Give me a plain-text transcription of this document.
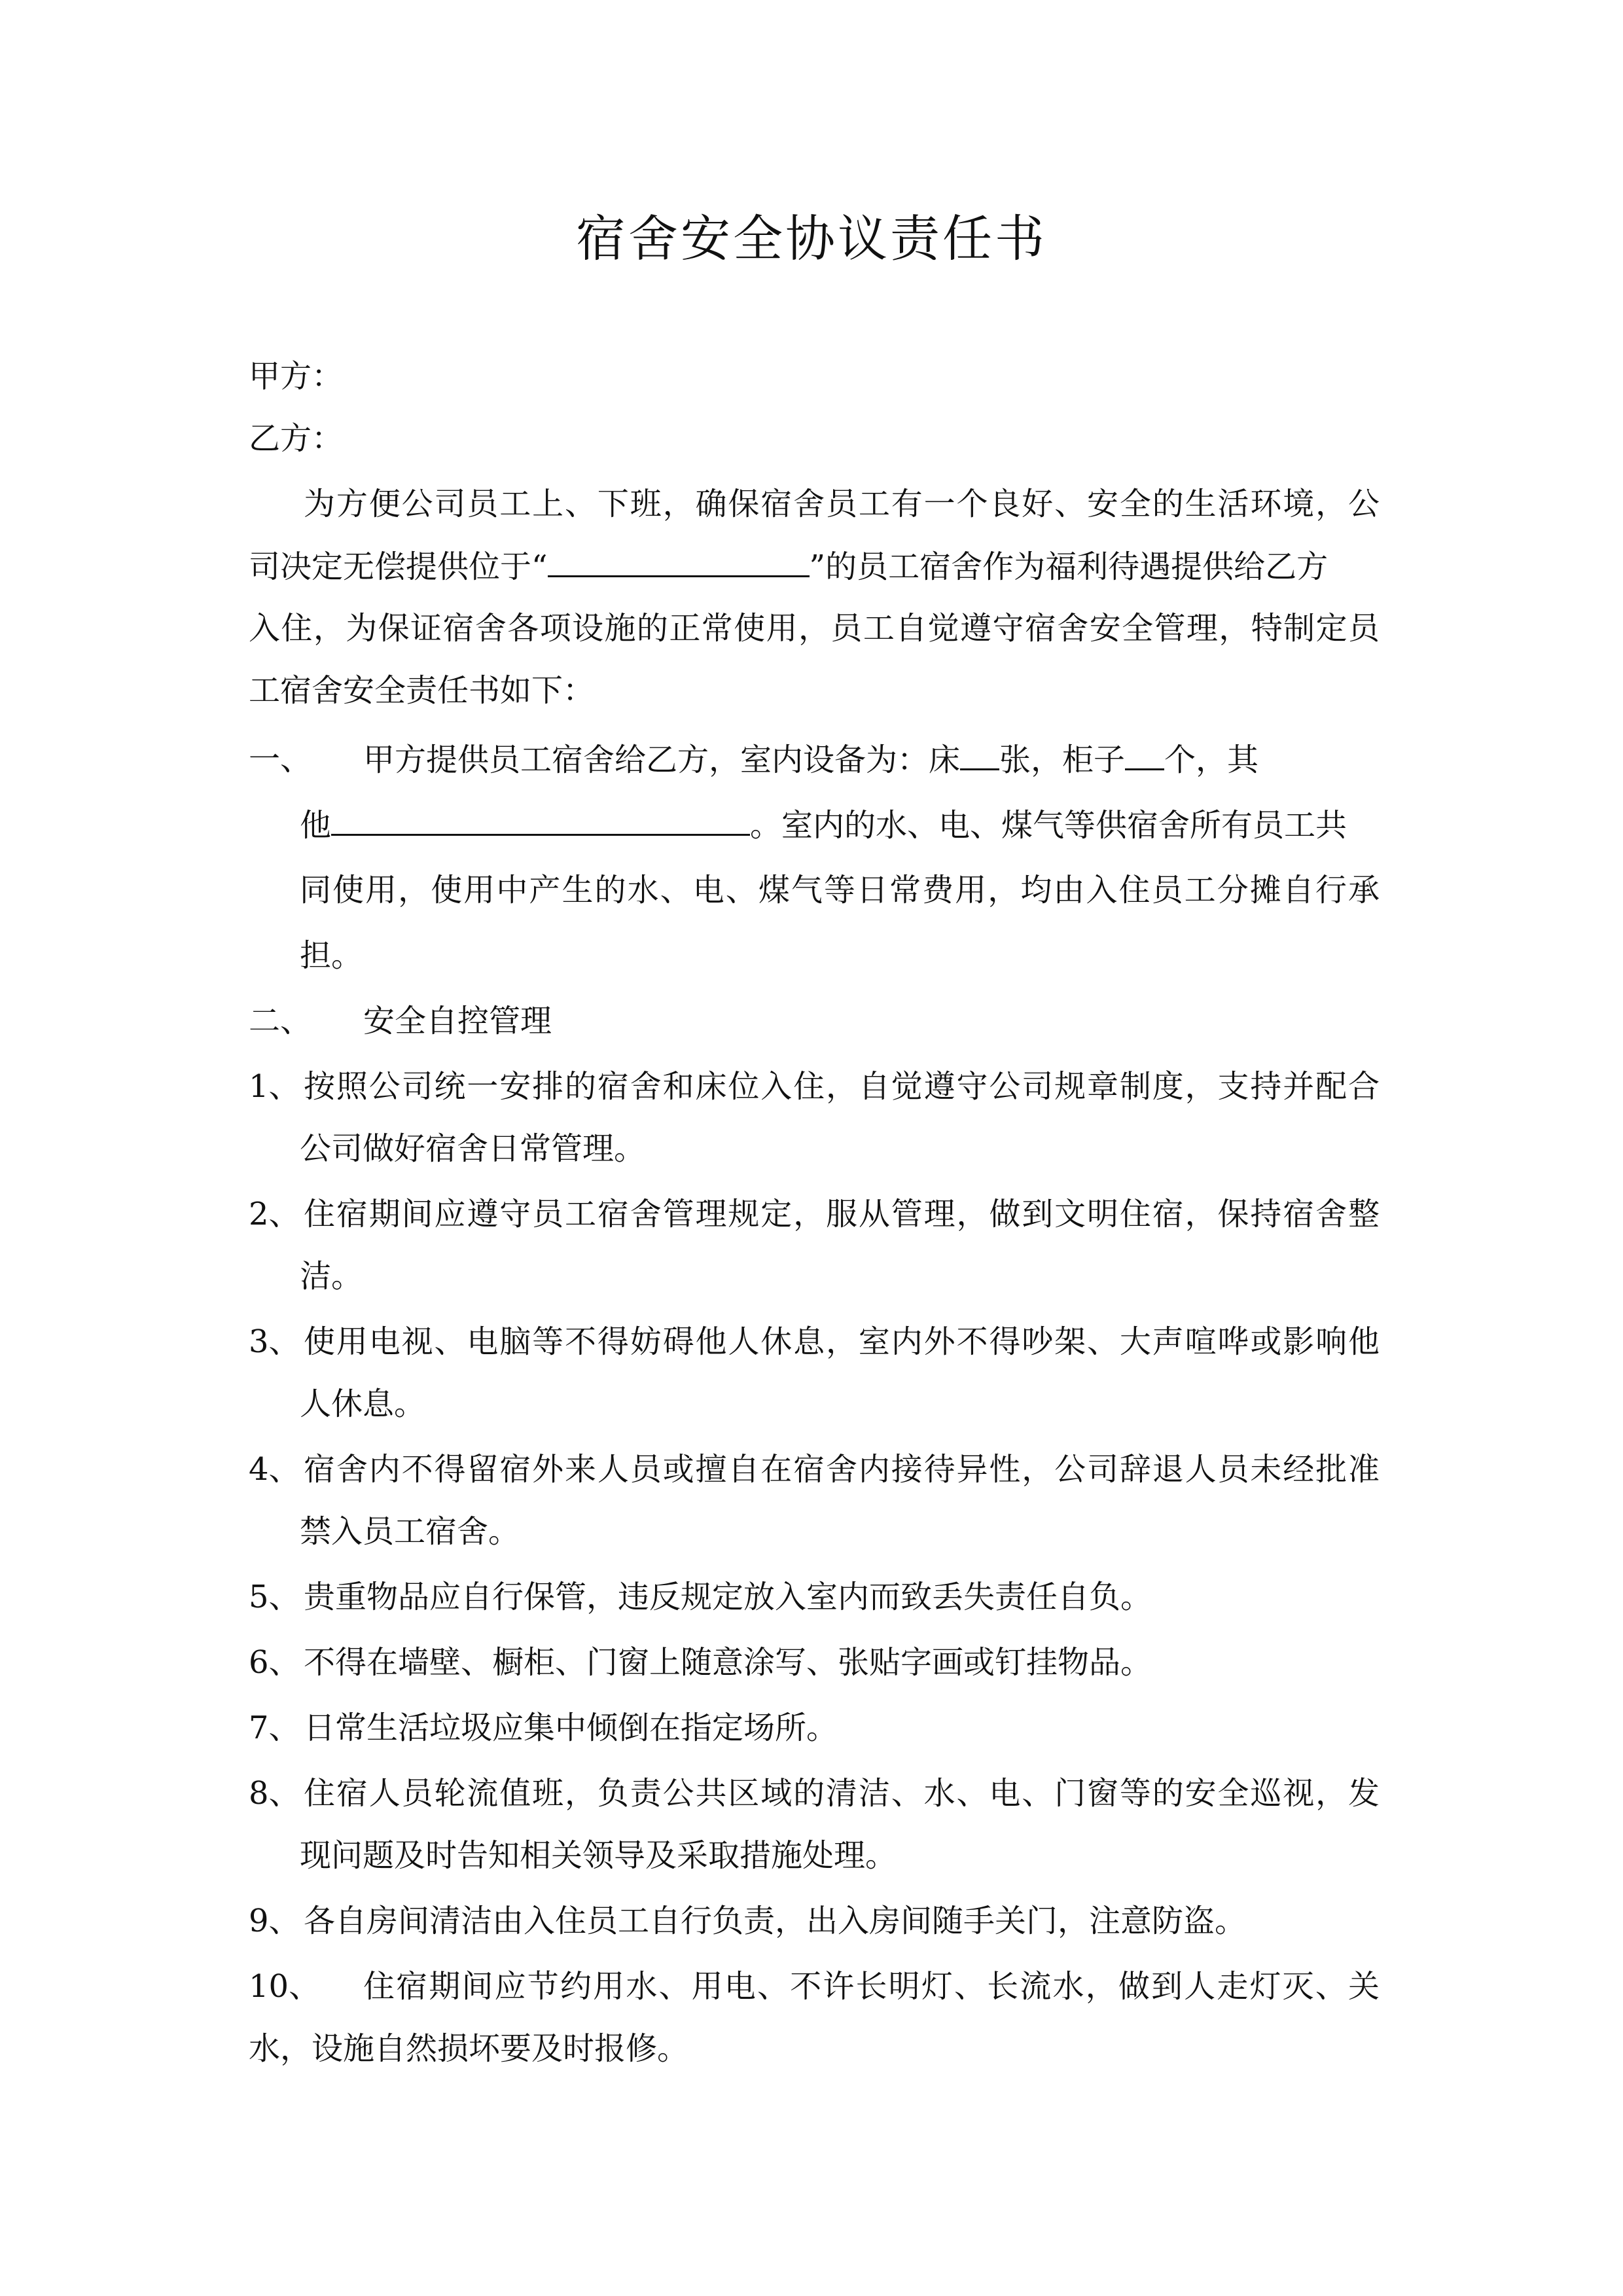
宿舍安全协议责任书
甲方：
乙方：
为方便公司员工上、下班，确保宿舍员工有一个良好、安全的生活环境，公
司决定无偿提供位于“	”的员工宿舍作为福利待遇提供给乙方
入住，为保证宿舍各项设施的正常使用，员工自觉遵守宿舍安全管理，特制定员
工宿舍安全责任书如下：
一、 甲方提供员工宿舍给乙方，室内设备为：床 张，柜子 个，其
他	。室内的水、电、煤气等供宿舍所有员工共
同使用，使用中产生的水、电、煤气等日常费用，均由入住员工分摊自行承
担。
二、 安全自控管理
1、 按照公司统一安排的宿舍和床位入住，自觉遵守公司规章制度，支持并配合
公司做好宿舍日常管理。
2、 住宿期间应遵守员工宿舍管理规定，服从管理，做到文明住宿，保持宿舍整
洁。
3、 使用电视、电脑等不得妨碍他人休息，室内外不得吵架、大声喧哗或影响他
人休息。
4、 宿舍内不得留宿外来人员或擅自在宿舍内接待异性，公司辞退人员未经批准
禁入员工宿舍。
5、 贵重物品应自行保管，违反规定放入室内而致丢失责任自负。
6、 不得在墙壁、橱柜、门窗上随意涂写、张贴字画或钉挂物品。
7、 日常生活垃圾应集中倾倒在指定场所。
8、 住宿人员轮流值班，负责公共区域的清洁、水、电、门窗等的安全巡视，发
现问题及时告知相关领导及采取措施处理。
9、 各自房间清洁由入住员工自行负责，出入房间随手关门，注意防盗。
10、 住宿期间应节约用水、用电、不许长明灯、长流水，做到人走灯灭、关
水，设施自然损坏要及时报修。
